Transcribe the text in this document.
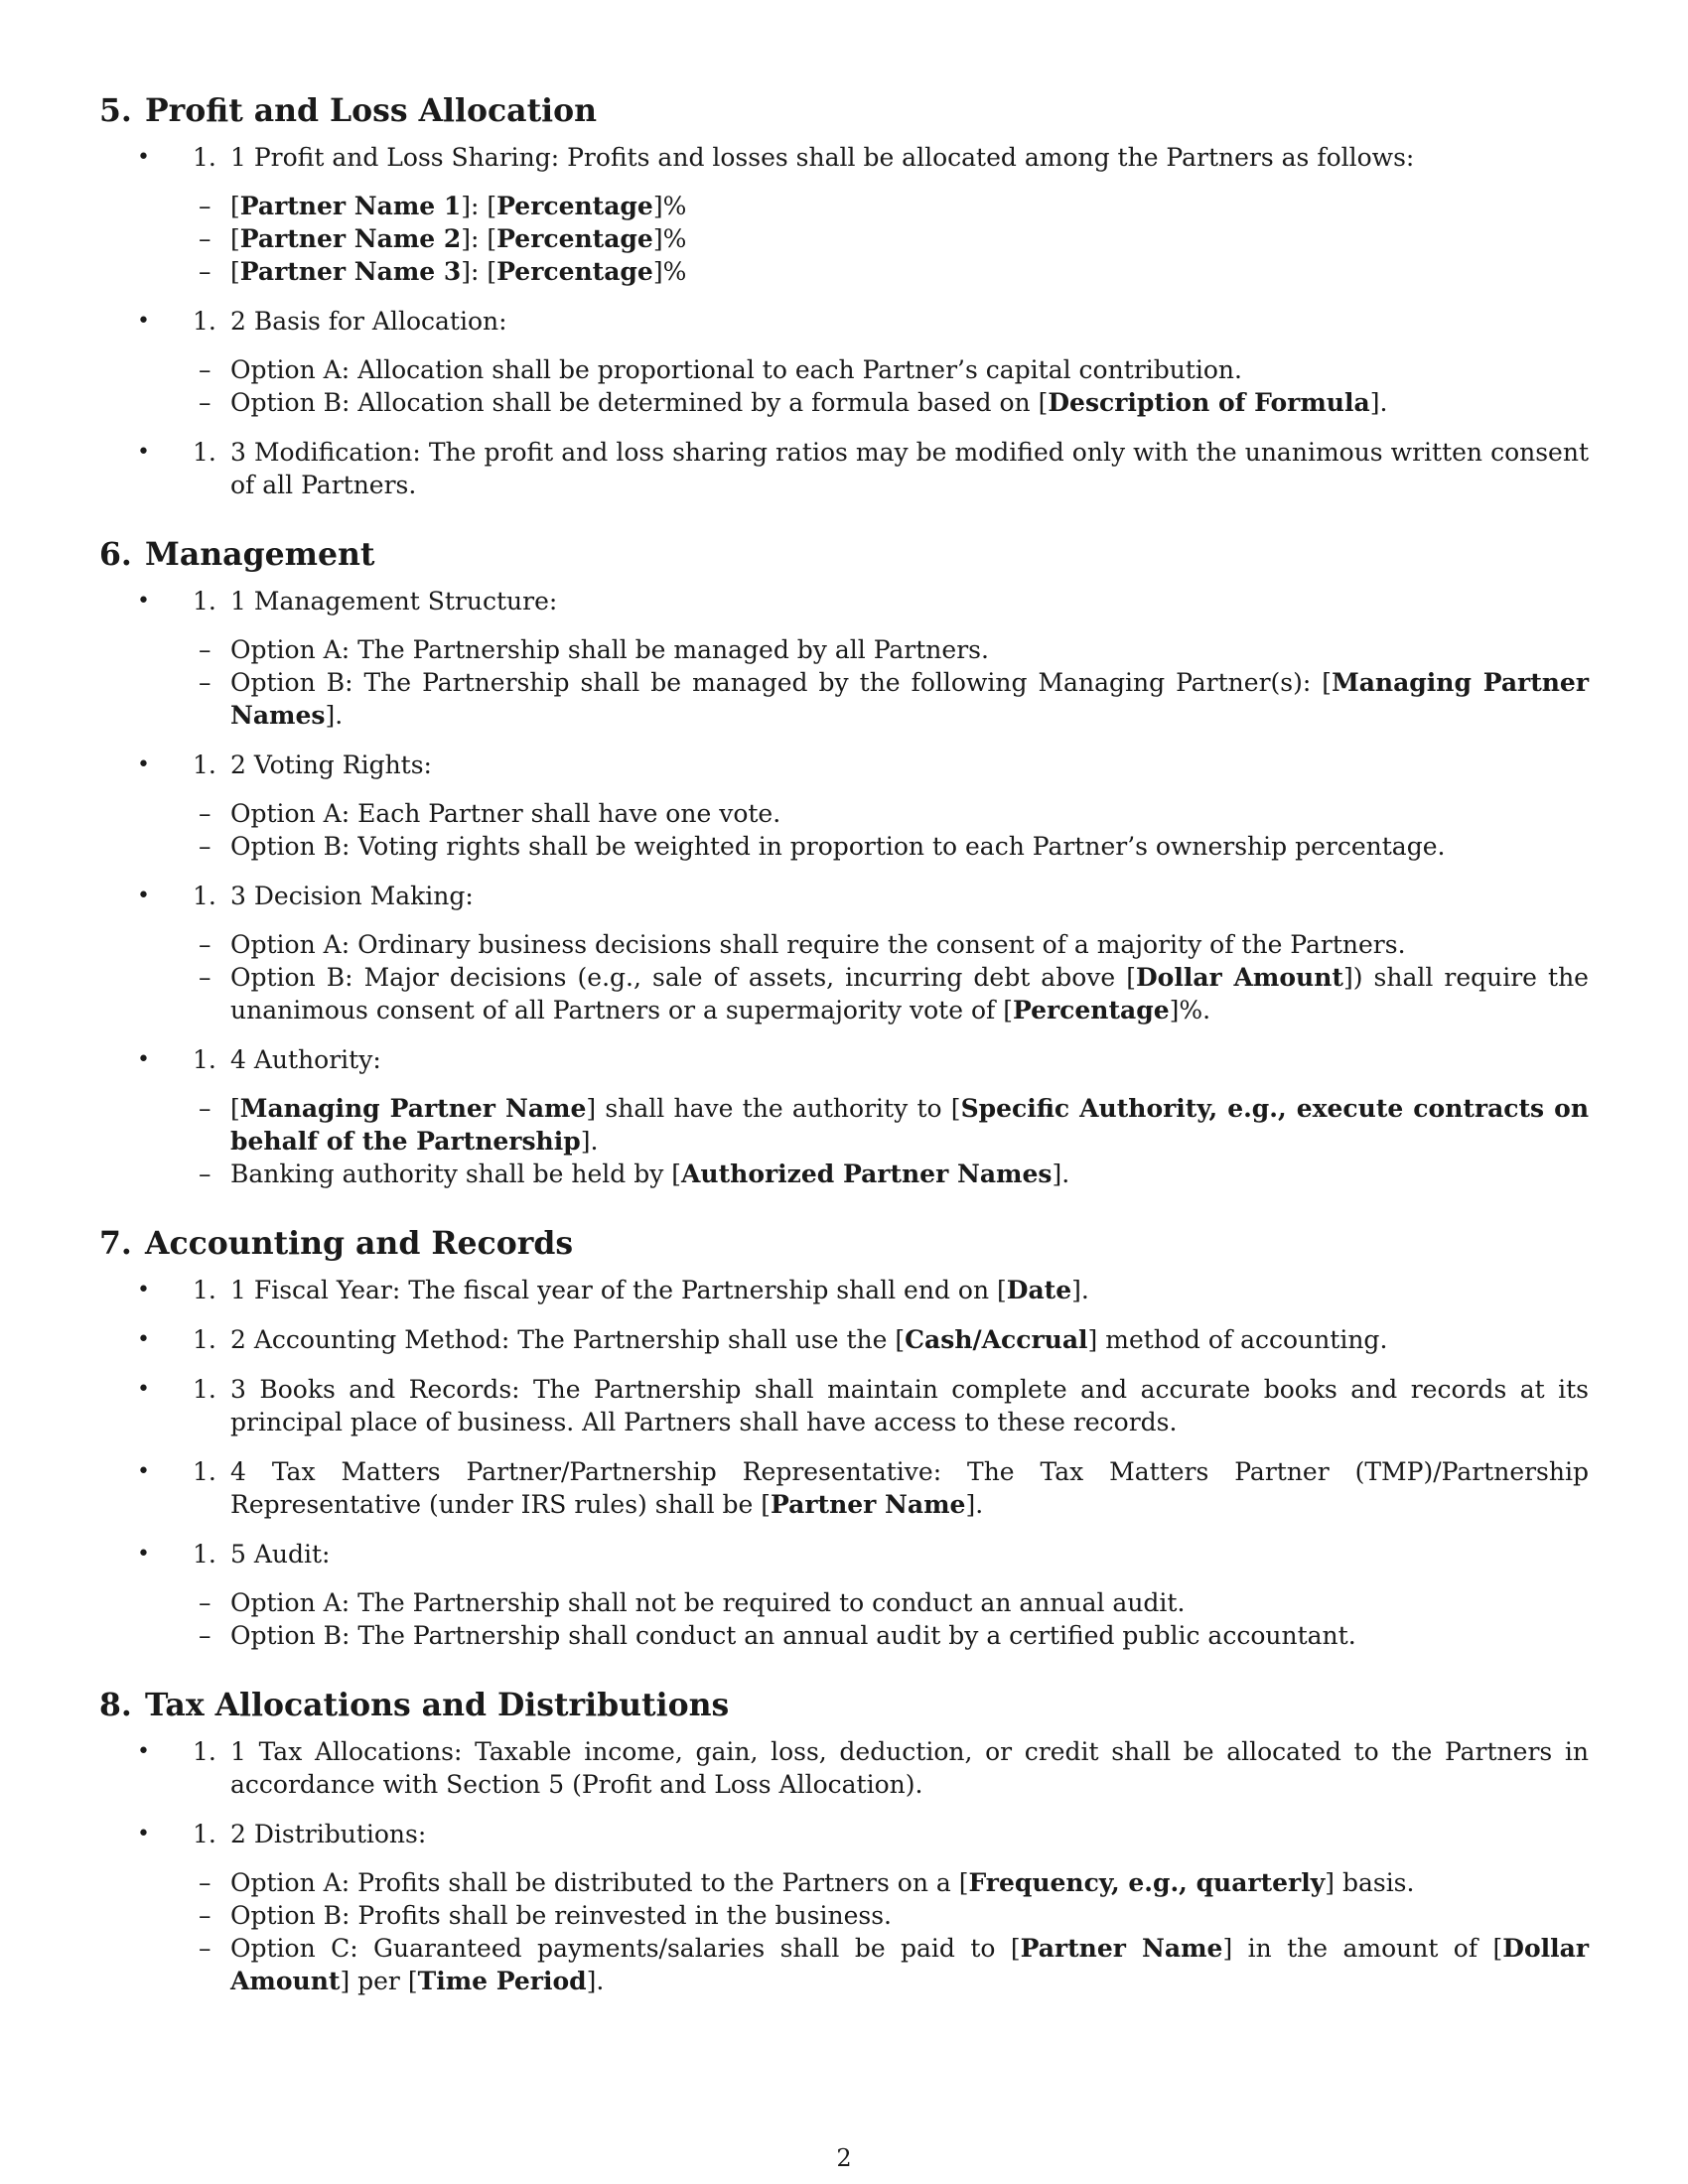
5. Profit and Loss Allocation
• 1. 1 Profit and Loss Sharing: Profits and losses shall be allocated among the Partners as follows:
– [Partner Name 1]: [Percentage]%
– [Partner Name 2]: [Percentage]%
– [Partner Name 3]: [Percentage]%
• 1. 2 Basis for Allocation:
– Option A: Allocation shall be proportional to each Partner’s capital contribution.
– Option B: Allocation shall be determined by a formula based on [Description of Formula].
• 1. 3 Modification: The profit and loss sharing ratios may be modified only with the unanimous written consent of all Partners.
6. Management
• 1. 1 Management Structure:
– Option A: The Partnership shall be managed by all Partners.
– Option B: The Partnership shall be managed by the following Managing Partner(s): [Managing Partner Names].
• 1. 2 Voting Rights:
– Option A: Each Partner shall have one vote.
– Option B: Voting rights shall be weighted in proportion to each Partner’s ownership percentage.
• 1. 3 Decision Making:
– Option A: Ordinary business decisions shall require the consent of a majority of the Partners.
– Option B: Major decisions (e.g., sale of assets, incurring debt above [Dollar Amount]) shall require the unanimous consent of all Partners or a supermajority vote of [Percentage]%.
• 1. 4 Authority:
– [Managing Partner Name] shall have the authority to [Specific Authority, e.g., execute contracts on behalf of the Partnership].
– Banking authority shall be held by [Authorized Partner Names].
7. Accounting and Records
• 1. 1 Fiscal Year: The fiscal year of the Partnership shall end on [Date].
• 1. 2 Accounting Method: The Partnership shall use the [Cash/Accrual] method of accounting.
• 1. 3 Books and Records: The Partnership shall maintain complete and accurate books and records at its principal place of business. All Partners shall have access to these records.
• 1. 4 Tax Matters Partner/Partnership Representative: The Tax Matters Partner (TMP)/Partnership Representative (under IRS rules) shall be [Partner Name].
• 1. 5 Audit:
– Option A: The Partnership shall not be required to conduct an annual audit.
– Option B: The Partnership shall conduct an annual audit by a certified public accountant.
8. Tax Allocations and Distributions
• 1. 1 Tax Allocations: Taxable income, gain, loss, deduction, or credit shall be allocated to the Partners in accordance with Section 5 (Profit and Loss Allocation).
• 1. 2 Distributions:
– Option A: Profits shall be distributed to the Partners on a [Frequency, e.g., quarterly] basis.
– Option B: Profits shall be reinvested in the business.
– Option C: Guaranteed payments/salaries shall be paid to [Partner Name] in the amount of [Dollar Amount] per [Time Period].
2
